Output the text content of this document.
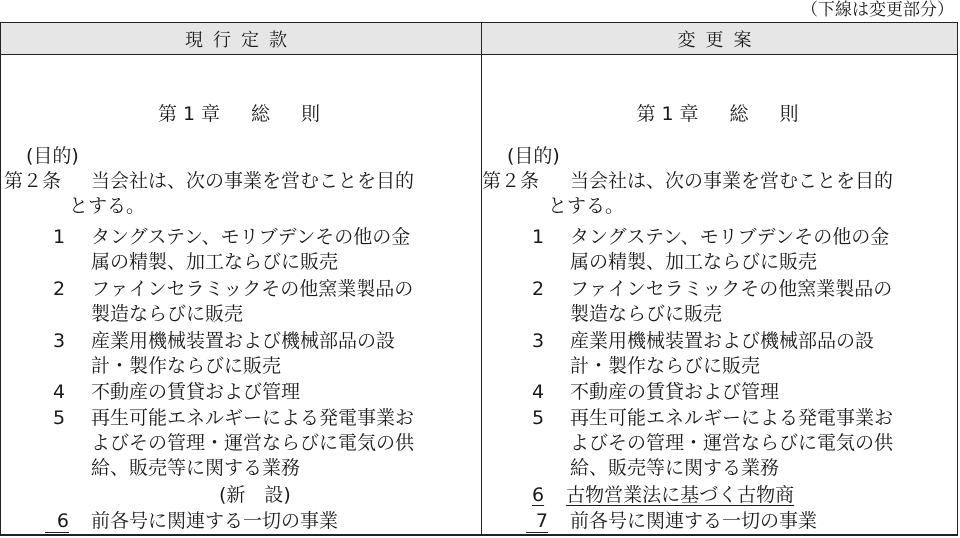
（下線は変更部分）
現行定款	変更案
第1章　総　則
(目的)
第２条 当会社は、次の事業を営むことを目的
とする。
1 タングステン、モリブデンその他の金
属の精製、加工ならびに販売
2 ファインセラミックその他窯業製品の
製造ならびに販売
3 産業用機械装置および機械部品の設
計・製作ならびに販売
4 不動産の賃貸および管理
5 再生可能エネルギーによる発電事業お
よびその管理・運営ならびに電気の供
給、販売等に関する業務
(新　設)
6 前各号に関連する一切の事業
第1章　総　則
(目的)
第２条 当会社は、次の事業を営むことを目的
とする。
1 タングステン、モリブデンその他の金
属の精製、加工ならびに販売
2 ファインセラミックその他窯業製品の
製造ならびに販売
3 産業用機械装置および機械部品の設
計・製作ならびに販売
4 不動産の賃貸および管理
5 再生可能エネルギーによる発電事業お
よびその管理・運営ならびに電気の供
給、販売等に関する業務
6 古物営業法に基づく古物商
7 前各号に関連する一切の事業
